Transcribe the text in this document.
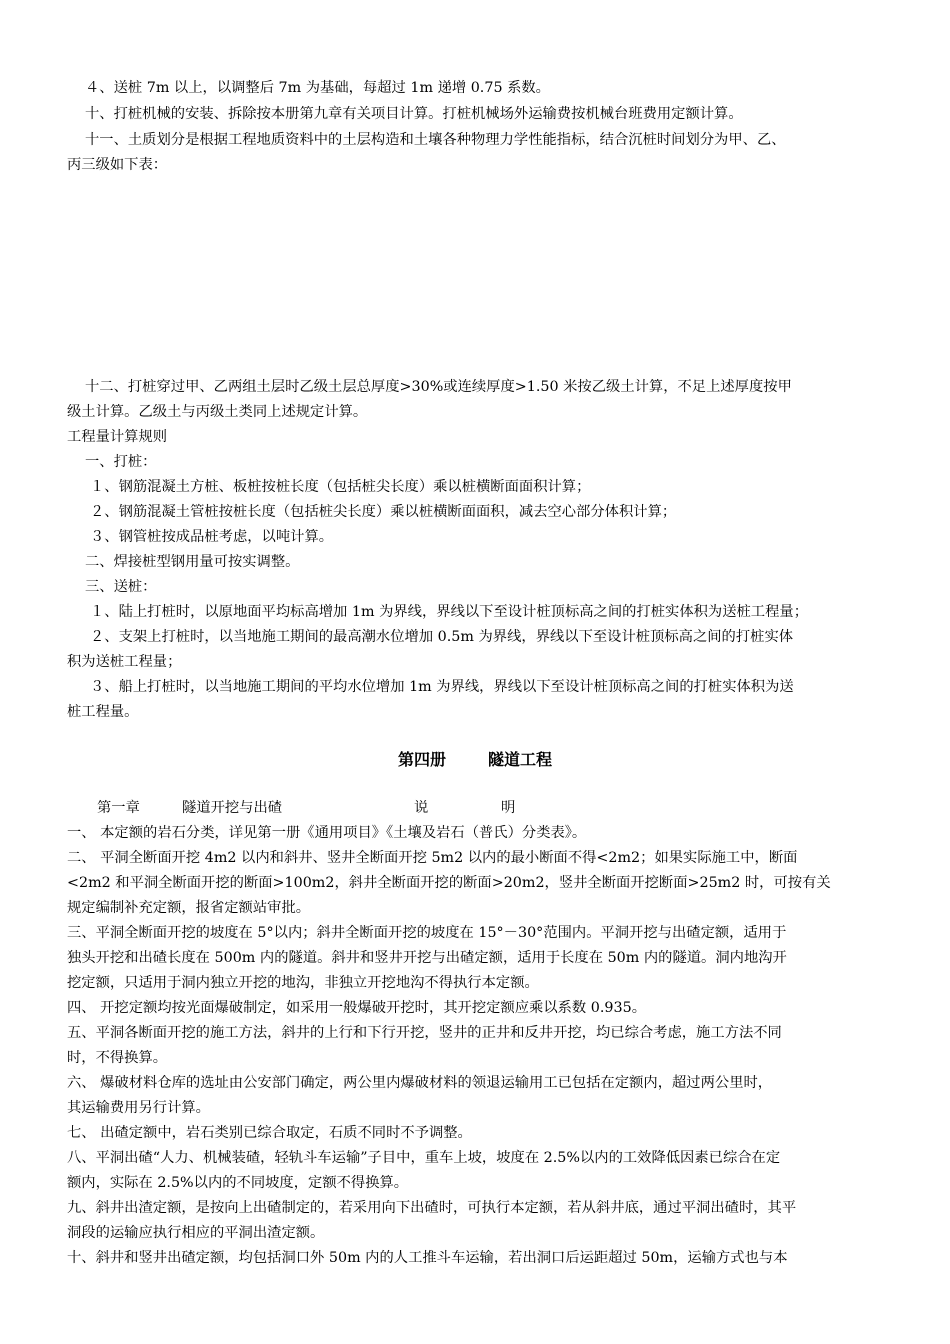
４、送桩 7m 以上，以调整后 7m 为基础，每超过 1m 递增 0.75 系数。
十、打桩机械的安装、拆除按本册第九章有关项目计算。打桩机械场外运输费按机械台班费用定额计算。
十一、土质划分是根据工程地质资料中的土层构造和土壤各种物理力学性能指标，结合沉桩时间划分为甲、乙、
丙三级如下表：
十二、打桩穿过甲、乙两组土层时乙级土层总厚度>30%或连续厚度>1.50 米按乙级土计算，不足上述厚度按甲
级土计算。乙级土与丙级土类同上述规定计算。
工程量计算规则
一、打桩：
１、钢筋混凝土方桩、板桩按桩长度（包括桩尖长度）乘以桩横断面面积计算；
２、钢筋混凝土管桩按桩长度（包括桩尖长度）乘以桩横断面面积，减去空心部分体积计算；
３、钢管桩按成品桩考虑，以吨计算。
二、焊接桩型钢用量可按实调整。
三、送桩：
１、陆上打桩时，以原地面平均标高增加 1m 为界线，界线以下至设计桩顶标高之间的打桩实体积为送桩工程量；
２、支架上打桩时，以当地施工期间的最高潮水位增加 0.5m 为界线，界线以下至设计桩顶标高之间的打桩实体
积为送桩工程量；
３、船上打桩时，以当地施工期间的平均水位增加 1m 为界线，界线以下至设计桩顶标高之间的打桩实体积为送
桩工程量。
第四册	隧道工程
第一章	隧道开挖与出碴	说	明
一、 本定额的岩石分类，详见第一册《通用项目》《土壤及岩石（普氏）分类表》。
二、 平洞全断面开挖 4m2 以内和斜井、竖井全断面开挖 5m2 以内的最小断面不得<2m2；如果实际施工中，断面
<2m2 和平洞全断面开挖的断面>100m2，斜井全断面开挖的断面>20m2，竖井全断面开挖断面>25m2 时，可按有关
规定编制补充定额，报省定额站审批。
三、平洞全断面开挖的坡度在 5°以内；斜井全断面开挖的坡度在 15°－30°范围内。平洞开挖与出碴定额，适用于
独头开挖和出碴长度在 500m 内的隧道。斜井和竖井开挖与出碴定额，适用于长度在 50m 内的隧道。洞内地沟开
挖定额，只适用于洞内独立开挖的地沟，非独立开挖地沟不得执行本定额。
四、 开挖定额均按光面爆破制定，如采用一般爆破开挖时，其开挖定额应乘以系数 0.935。
五、平洞各断面开挖的施工方法，斜井的上行和下行开挖，竖井的正井和反井开挖，均已综合考虑，施工方法不同
时，不得换算。
六、 爆破材料仓库的选址由公安部门确定，两公里内爆破材料的领退运输用工已包括在定额内，超过两公里时，
其运输费用另行计算。
七、 出碴定额中，岩石类别已综合取定，石质不同时不予调整。
八、平洞出碴“人力、机械装碴，轻轨斗车运输”子目中，重车上坡，坡度在 2.5%以内的工效降低因素已综合在定
额内，实际在 2.5%以内的不同坡度，定额不得换算。
九、斜井出渣定额，是按向上出碴制定的，若采用向下出碴时，可执行本定额，若从斜井底，通过平洞出碴时，其平
洞段的运输应执行相应的平洞出渣定额。
十、斜井和竖井出碴定额，均包括洞口外 50m 内的人工推斗车运输，若出洞口后运距超过 50m，运输方式也与本
